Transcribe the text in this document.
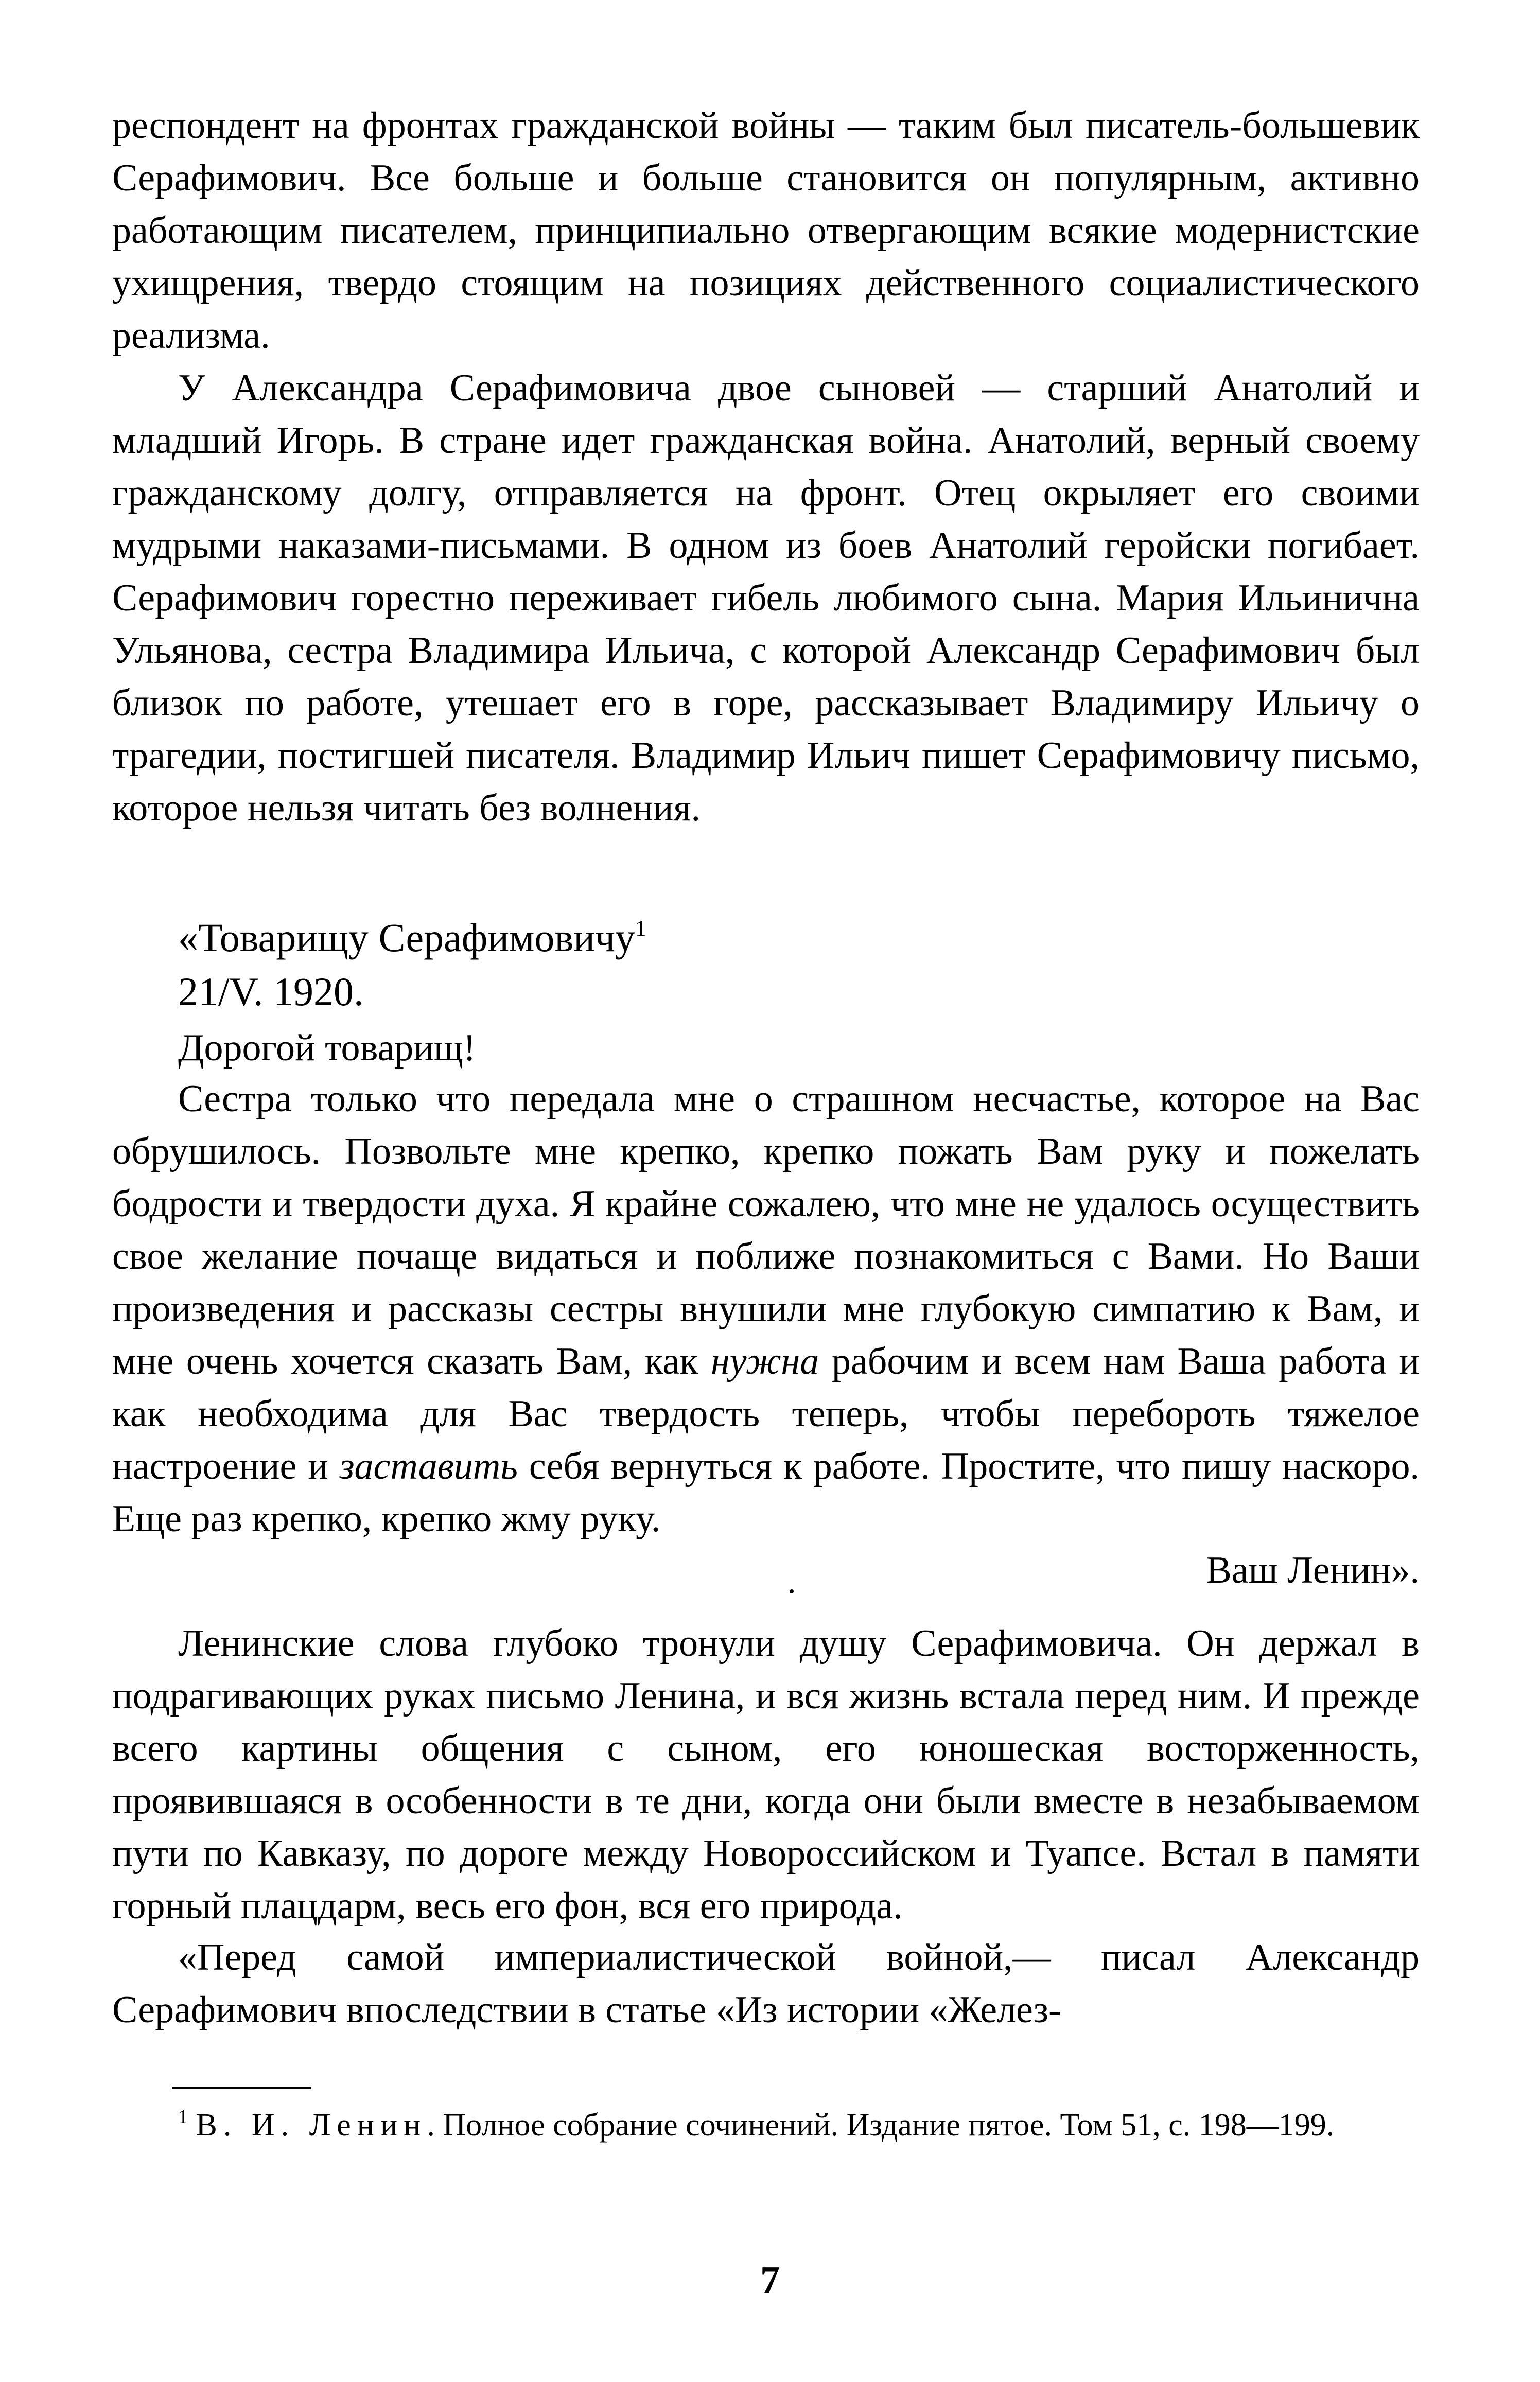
респондент на фронтах гражданской войны — таким был писатель-большевик Серафимович. Все больше и больше становится он популярным, активно работающим писателем, принципиально отвергающим всякие модернистские ухищрения, твердо стоящим на позициях действенного социалистического реализма.

У Александра Серафимовича двое сыновей — старший Анатолий и младший Игорь. В стране идет гражданская война. Анатолий, верный своему гражданскому долгу, отправляется на фронт. Отец окрыляет его своими мудрыми наказами-письмами. В одном из боев Анатолий геройски погибает. Серафимович горестно переживает гибель любимого сына. Мария Ильинична Ульянова, сестра Владимира Ильича, с которой Александр Серафимович был близок по работе, утешает его в горе, рассказывает Владимиру Ильичу о трагедии, постигшей писателя. Владимир Ильич пишет Серафимовичу письмо, которое нельзя читать без волнения.

«Товарищу Серафимовичу$^1$
21/V. 1920.
Дорогой товарищ!

Сестра только что передала мне о страшном несчастье, которое на Вас обрушилось. Позвольте мне крепко, крепко пожать Вам руку и пожелать бодрости и твердости духа. Я крайне сожалею, что мне не удалось осуществить свое желание почаще видаться и поближе познакомиться с Вами. Но Ваши произведения и рассказы сестры внушили мне глубокую симпатию к Вам, и мне очень хочется сказать Вам, как нужна рабочим и всем нам Ваша работа и как необходима для Вас твердость теперь, чтобы перебороть тяжелое настроение и заставить себя вернуться к работе. Простите, что пишу наскоро. Еще раз крепко, крепко жму руку.

Ваш Ленин».

Ленинские слова глубоко тронули душу Серафимовича. Он держал в подрагивающих руках письмо Ленина, и вся жизнь встала перед ним. И прежде всего картины общения с сыном, его юношеская восторженность, проявившаяся в особенности в те дни, когда они были вместе в незабываемом пути по Кавказу, по дороге между Новороссийском и Туапсе. Встал в памяти горный плацдарм, весь его фон, вся его природа.

«Перед самой империалистической войной,— писал Александр Серафимович впоследствии в статье «Из истории «Желез-

$^1$ В. И. Ленин. Полное собрание сочинений. Издание пятое. Том 51, с. 198—199.

7
